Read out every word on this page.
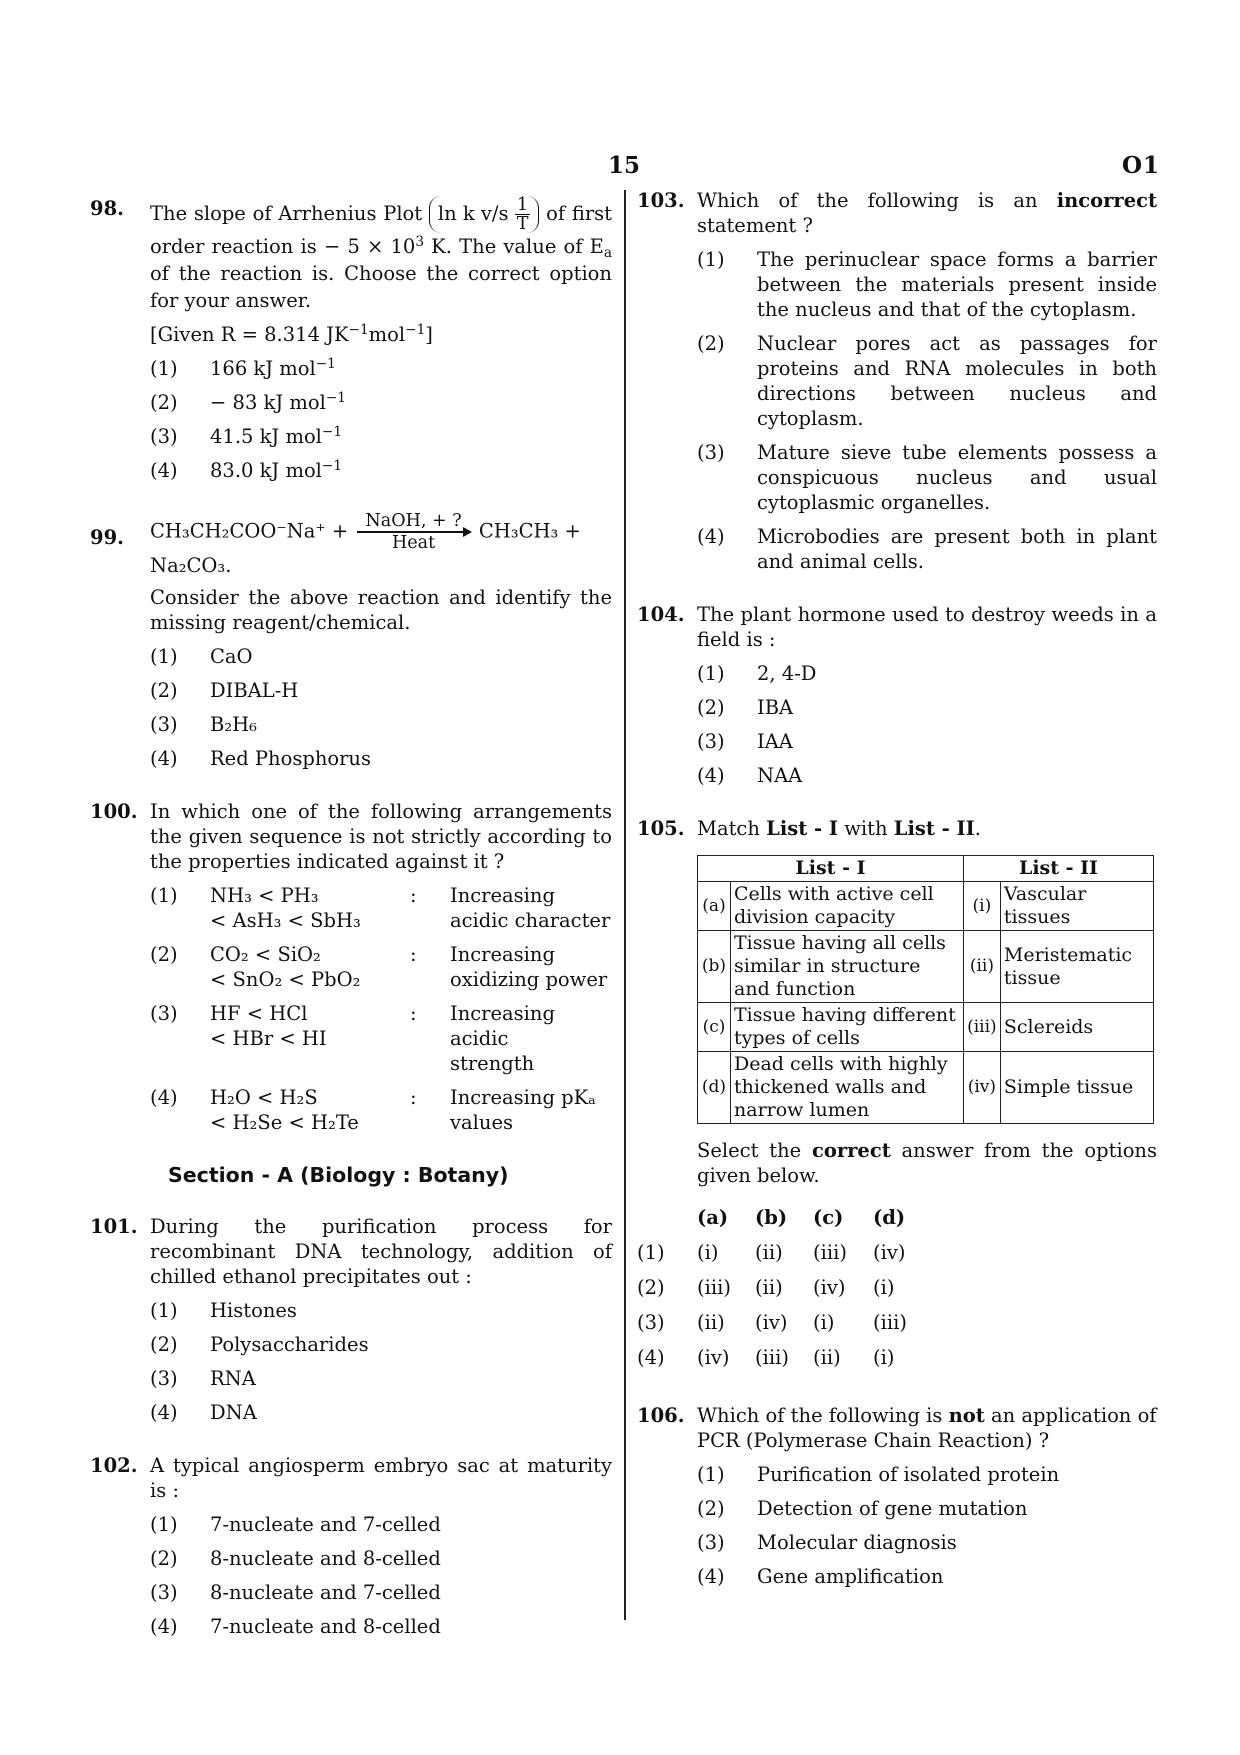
15	O1
98. The slope of Arrhenius Plot ln k $v/s \frac{1}{T}$ of first order reaction is − $5 \times 10^3$ K. The value of $E_a$ of the reaction is. Choose the correct option for your answer.
[Given R = 8.314 $JK^{-1}mol^{-1}$]
(1) 166 kJ mol$^{-1}$
(2) − 83 kJ mol$^{-1}$
(3) 41.5 kJ mol$^{-1}$
(4) 83.0 kJ mol$^{-1}$
99. CH₃CH₂COO⁻Na⁺ + NaOH, + ?
Heat
CH₃CH₃ + Na₂CO₃.
Consider the above reaction and identify the missing reagent/chemical.
(1) CaO
(2) DIBAL-H
(3) B₂H₆
(4) Red Phosphorus
100. In which one of the following arrangements the given sequence is not strictly according to the properties indicated against it ?
(1) NH₃ < PH₃
< AsH₃ < SbH₃
:	Increasing
acidic character
(2) CO₂ < SiO₂
< SnO₂ < PbO₂
:	Increasing
oxidizing power
(3) HF < HCl
< HBr < HI
:	Increasing acidic
strength
(4) H₂O < H₂S
< H₂Se < H₂Te
:	Increasing pKₐ
values
Section - A (Biology : Botany)
101. During the purification process for recombinant DNA technology, addition of chilled ethanol precipitates out :
(1) Histones
(2) Polysaccharides
(3) RNA
(4) DNA
102. A typical angiosperm embryo sac at maturity is :
(1) 7-nucleate and 7-celled
(2) 8-nucleate and 8-celled
(3) 8-nucleate and 7-celled
(4) 7-nucleate and 8-celled
103. Which of the following is an incorrect statement ?
(1) The perinuclear space forms a barrier between the materials present inside the nucleus and that of the cytoplasm.
(2) Nuclear pores act as passages for proteins and RNA molecules in both directions between nucleus and cytoplasm.
(3) Mature sieve tube elements possess a conspicuous nucleus and usual cytoplasmic organelles.
(4) Microbodies are present both in plant and animal cells.
104. The plant hormone used to destroy weeds in a field is :
(1) 2, 4-D
(2) IBA
(3) IAA
(4) NAA
105. Match List - I with List - II.
List - I		List - II	
(a)	Cells with active cell division capacity	(i)	Vascular tissues
(b)	Tissue having all cells similar in structure and function	(ii)	Meristematic tissue
(c)	Tissue having different types of cells	(iii)	Sclereids
(d)	Dead cells with highly thickened walls and narrow lumen	(iv)	Simple tissue
Select the correct answer from the options given below.
(a)	(b)	(c)	(d)
(1)	(i)	(ii)	(iii)	(iv)
(2)	(iii)	(ii)	(iv)	(i)
(3)	(ii)	(iv)	(i)	(iii)
(4)	(iv)	(iii)	(ii)	(i)
106. Which of the following is not an application of PCR (Polymerase Chain Reaction) ?
(1) Purification of isolated protein
(2) Detection of gene mutation
(3) Molecular diagnosis
(4) Gene amplification
